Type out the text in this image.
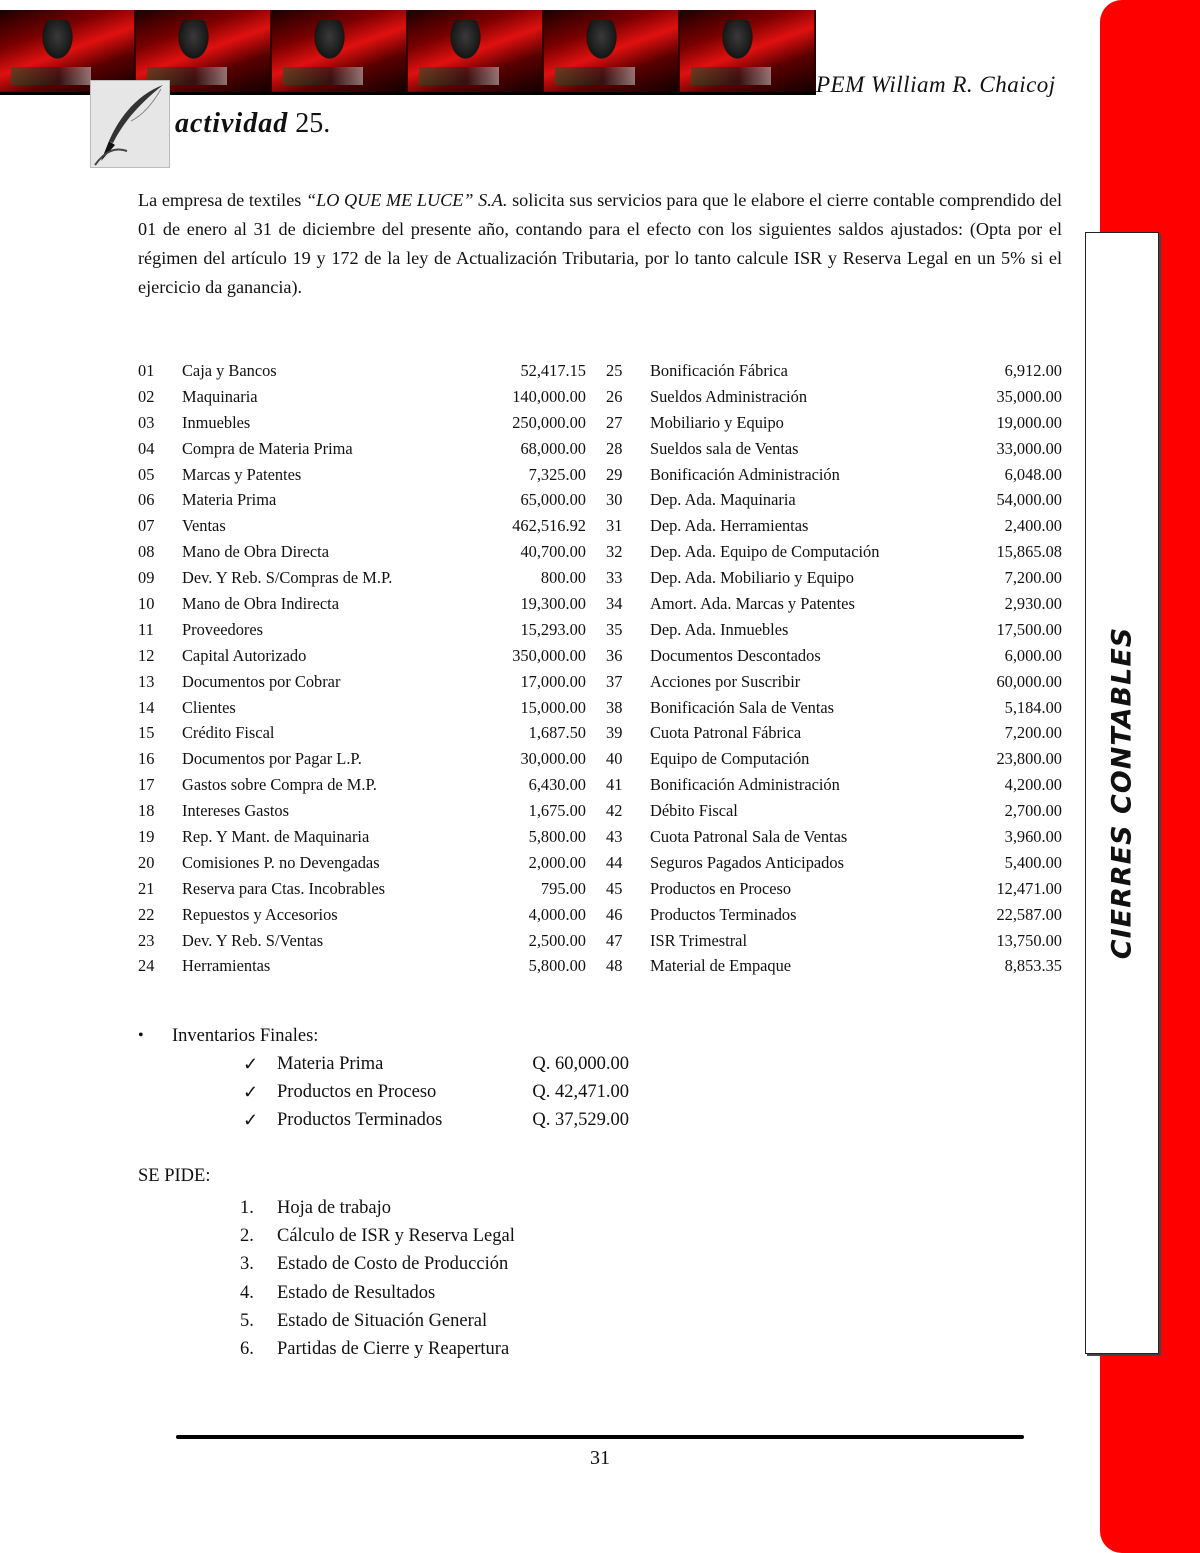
PEM William R. Chaicoj
actividad 25.
La empresa de textiles “LO QUE ME LUCE” S.A. solicita sus servicios para que le elabore el cierre contable comprendido del 01 de enero al 31 de diciembre del presente año, contando para el efecto con los siguientes saldos ajustados: (Opta por el régimen del artículo 19 y 172 de la ley de Actualización Tributaria, por lo tanto calcule ISR y Reserva Legal en un 5% si el ejercicio da ganancia).
01	Caja y Bancos	52,417.15 25	Bonificación Fábrica	6,912.00
02	Maquinaria	140,000.00 26	Sueldos Administración	35,000.00
03	Inmuebles	250,000.00 27	Mobiliario y Equipo	19,000.00
04	Compra de Materia Prima	68,000.00 28	Sueldos sala de Ventas	33,000.00
05	Marcas y Patentes	7,325.00 29	Bonificación Administración	6,048.00
06	Materia Prima	65,000.00 30	Dep. Ada. Maquinaria	54,000.00
07	Ventas	462,516.92 31	Dep. Ada. Herramientas	2,400.00
08	Mano de Obra Directa	40,700.00 32	Dep. Ada. Equipo de Computación	15,865.08
09	Dev. Y Reb. S/Compras de M.P.	800.00 33	Dep. Ada. Mobiliario y Equipo	7,200.00
10	Mano de Obra Indirecta	19,300.00 34	Amort. Ada. Marcas y Patentes	2,930.00
11	Proveedores	15,293.00 35	Dep. Ada. Inmuebles	17,500.00
12	Capital Autorizado	350,000.00 36	Documentos Descontados	6,000.00
13	Documentos por Cobrar	17,000.00 37	Acciones por Suscribir	60,000.00
14	Clientes	15,000.00 38	Bonificación Sala de Ventas	5,184.00
15	Crédito Fiscal	1,687.50 39	Cuota Patronal Fábrica	7,200.00
16	Documentos por Pagar L.P.	30,000.00 40	Equipo de Computación	23,800.00
17	Gastos sobre Compra de M.P.	6,430.00 41	Bonificación Administración	4,200.00
18	Intereses Gastos	1,675.00 42	Débito Fiscal	2,700.00
19	Rep. Y Mant. de Maquinaria	5,800.00 43	Cuota Patronal Sala de Ventas	3,960.00
20	Comisiones P. no Devengadas	2,000.00 44	Seguros Pagados Anticipados	5,400.00
21	Reserva para Ctas. Incobrables	795.00 45	Productos en Proceso	12,471.00
22	Repuestos y Accesorios	4,000.00 46	Productos Terminados	22,587.00
23	Dev. Y Reb. S/Ventas	2,500.00 47	ISR Trimestral	13,750.00
24	Herramientas	5,800.00 48	Material de Empaque	8,853.35
•	Inventarios Finales:
✓	Materia Prima	Q. 60,000.00
✓	Productos en Proceso	Q. 42,471.00
✓	Productos Terminados	Q. 37,529.00
SE PIDE:
1.	Hoja de trabajo
2.	Cálculo de ISR y Reserva Legal
3.	Estado de Costo de Producción
4.	Estado de Resultados
5.	Estado de Situación General
6.	Partidas de Cierre y Reapertura
31
CIERRES CONTABLES
